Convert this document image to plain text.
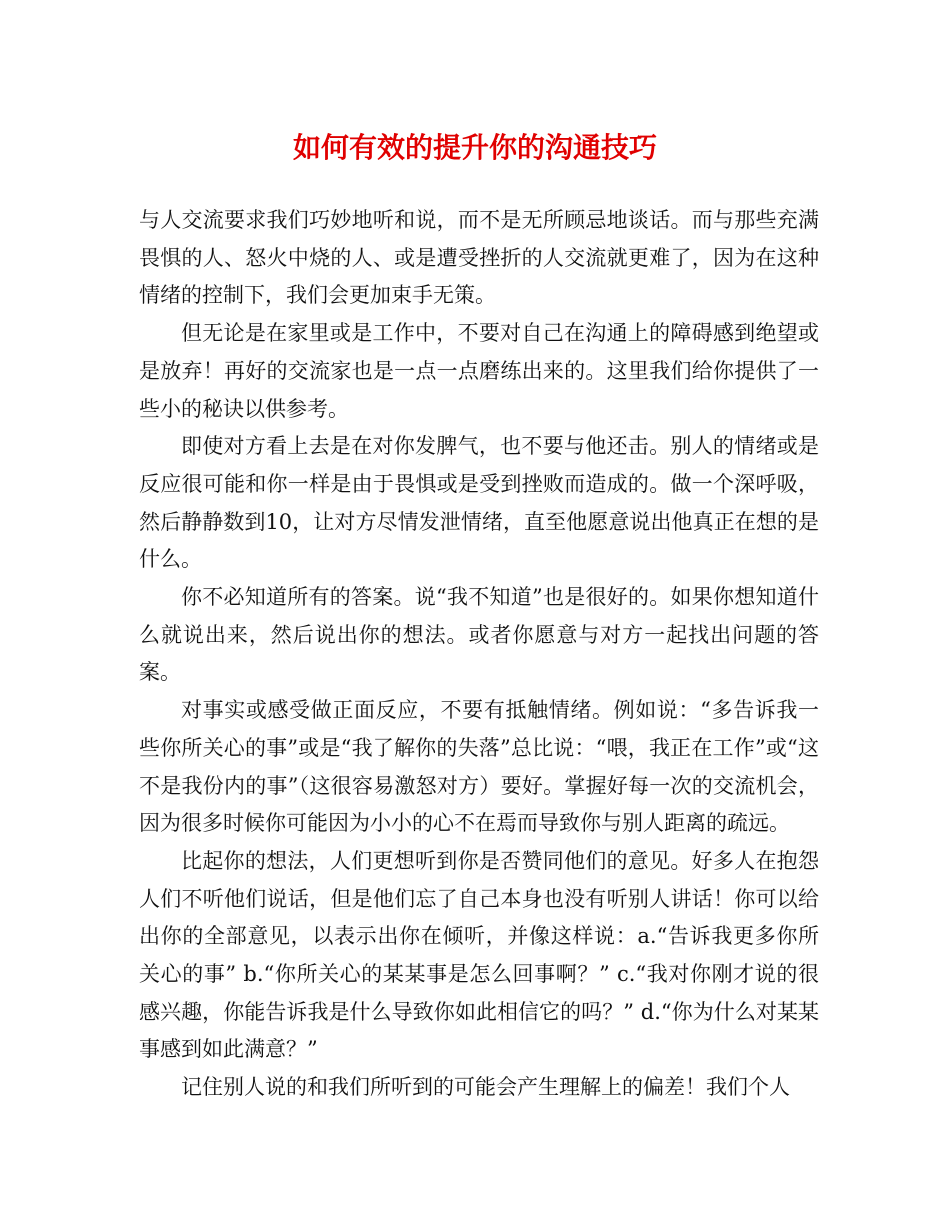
如何有效的提升你的沟通技巧

与人交流要求我们巧妙地听和说，而不是无所顾忌地谈话。而与那些充满畏惧的人、怒火中烧的人、或是遭受挫折的人交流就更难了，因为在这种情绪的控制下，我们会更加束手无策。

但无论是在家里或是工作中，不要对自己在沟通上的障碍感到绝望或是放弃！再好的交流家也是一点一点磨练出来的。这里我们给你提供了一些小的秘诀以供参考。

即使对方看上去是在对你发脾气，也不要与他还击。别人的情绪或是反应很可能和你一样是由于畏惧或是受到挫败而造成的。做一个深呼吸，然后静静数到10，让对方尽情发泄情绪，直至他愿意说出他真正在想的是什么。

你不必知道所有的答案。说“我不知道”也是很好的。如果你想知道什么就说出来，然后说出你的想法。或者你愿意与对方一起找出问题的答案。

对事实或感受做正面反应，不要有抵触情绪。例如说：“多告诉我一些你所关心的事”或是“我了解你的失落”总比说：“喂，我正在工作”或“这不是我份内的事”（这很容易激怒对方）要好。掌握好每一次的交流机会，因为很多时候你可能因为小小的心不在焉而导致你与别人距离的疏远。

比起你的想法，人们更想听到你是否赞同他们的意见。好多人在抱怨人们不听他们说话，但是他们忘了自己本身也没有听别人讲话！你可以给出你的全部意见，以表示出你在倾听，并像这样说：a.“告诉我更多你所关心的事” b.“你所关心的某某事是怎么回事啊？” c.“我对你刚才说的很感兴趣，你能告诉我是什么导致你如此相信它的吗？” d.“你为什么对某某事感到如此满意？”

记住别人说的和我们所听到的可能会产生理解上的偏差！我们个人
